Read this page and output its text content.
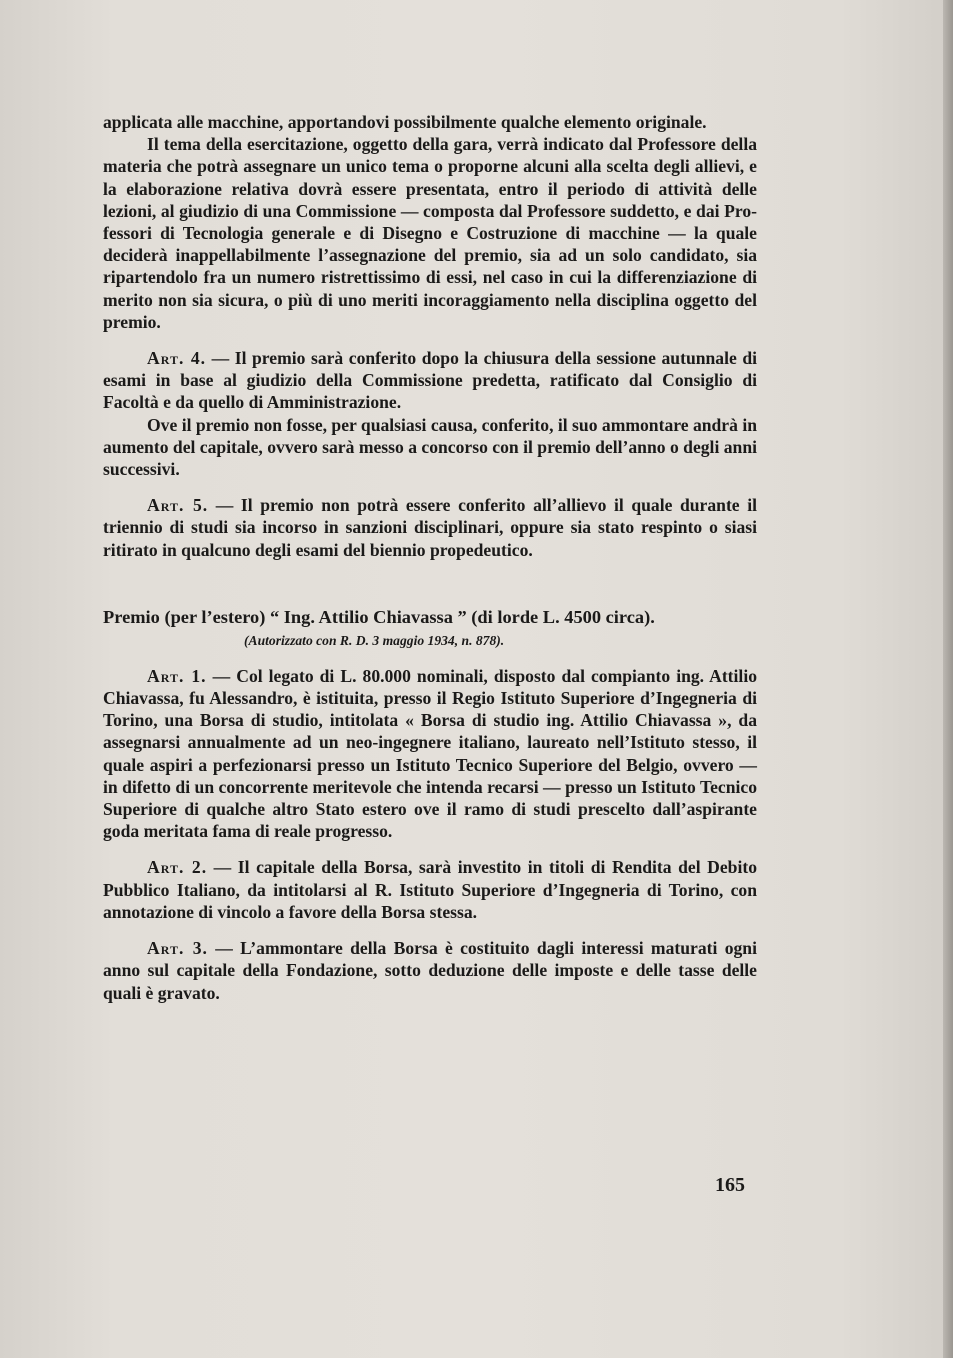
applicata alle macchine, apportandovi possibilmente qualche elemento originale.

Il tema della esercitazione, oggetto della gara, verrà indicato dal Professore della materia che potrà assegnare un unico tema o proporne alcuni alla scelta degli allievi, e la elaborazione relativa dovrà essere presentata, entro il periodo di attività delle lezioni, al giudizio di una Commissione — composta dal Professore suddetto, e dai Professori di Tecnologia generale e di Disegno e Costruzione di macchine — la quale deciderà inappellabilmente l’assegnazione del premio, sia ad un solo candidato, sia ripartendolo fra un numero ristrettissimo di essi, nel caso in cui la differenziazione di merito non sia sicura, o più di uno meriti incoraggiamento nella disciplina oggetto del premio.

Art. 4. — Il premio sarà conferito dopo la chiusura della sessione autunnale di esami in base al giudizio della Commissione predetta, ratificato dal Consiglio di Facoltà e da quello di Amministrazione.

Ove il premio non fosse, per qualsiasi causa, conferito, il suo ammontare andrà in aumento del capitale, ovvero sarà messo a concorso con il premio dell’anno o degli anni successivi.

Art. 5. — Il premio non potrà essere conferito all’allievo il quale durante il triennio di studi sia incorso in sanzioni disciplinari, oppure sia stato respinto o siasi ritirato in qualcuno degli esami del biennio propedeutico.

Premio (per l’estero) “ Ing. Attilio Chiavassa ” (di lorde L. 4500 circa).

(Autorizzato con R. D. 3 maggio 1934, n. 878).

Art. 1. — Col legato di L. 80.000 nominali, disposto dal compianto ing. Attilio Chiavassa, fu Alessandro, è istituita, presso il Regio Istituto Superiore d’Ingegneria di Torino, una Borsa di studio, intitolata « Borsa di studio ing. Attilio Chiavassa », da assegnarsi annualmente ad un neo-ingegnere italiano, laureato nell’Istituto stesso, il quale aspiri a perfezionarsi presso un Istituto Tecnico Superiore del Belgio, ovvero — in difetto di un concorrente meritevole che intenda recarsi — presso un Istituto Tecnico Superiore di qualche altro Stato estero ove il ramo di studi prescelto dall’aspirante goda meritata fama di reale progresso.

Art. 2. — Il capitale della Borsa, sarà investito in titoli di Rendita del Debito Pubblico Italiano, da intitolarsi al R. Istituto Superiore d’Ingegneria di Torino, con annotazione di vincolo a favore della Borsa stessa.

Art. 3. — L’ammontare della Borsa è costituito dagli interessi maturati ogni anno sul capitale della Fondazione, sotto deduzione delle imposte e delle tasse delle quali è gravato.

165
